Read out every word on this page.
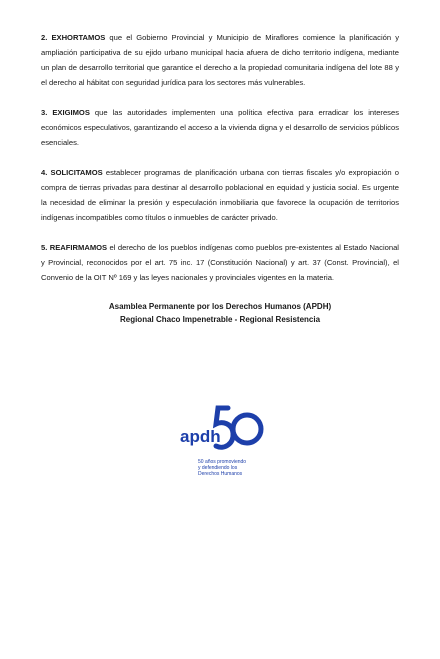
2. EXHORTAMOS que el Gobierno Provincial y Municipio de Miraflores comience la planificación y ampliación participativa de su ejido urbano municipal hacia afuera de dicho territorio indígena, mediante un plan de desarrollo territorial que garantice el derecho a la propiedad comunitaria indígena del lote 88 y el derecho al hábitat con seguridad jurídica para los sectores más vulnerables.

3. EXIGIMOS que las autoridades implementen una política efectiva para erradicar los intereses económicos especulativos, garantizando el acceso a la vivienda digna y el desarrollo de servicios públicos esenciales.

4. SOLICITAMOS establecer programas de planificación urbana con tierras fiscales y/o expropiación o compra de tierras privadas para destinar al desarrollo poblacional en equidad y justicia social. Es urgente la necesidad de eliminar la presión y especulación inmobiliaria que favorece la ocupación de territorios indígenas incompatibles como títulos o inmuebles de carácter privado.

5. REAFIRMAMOS el derecho de los pueblos indígenas como pueblos pre-existentes al Estado Nacional y Provincial, reconocidos por el art. 75 inc. 17 (Constitución Nacional) y art. 37 (Const. Provincial), el Convenio de la OIT Nº 169 y las leyes nacionales y provinciales vigentes en la materia.

Asamblea Permanente por los Derechos Humanos (APDH)
Regional Chaco Impenetrable - Regional Resistencia
apdh
50 años promoviendo
y defendiendo los
Derechos Humanos
